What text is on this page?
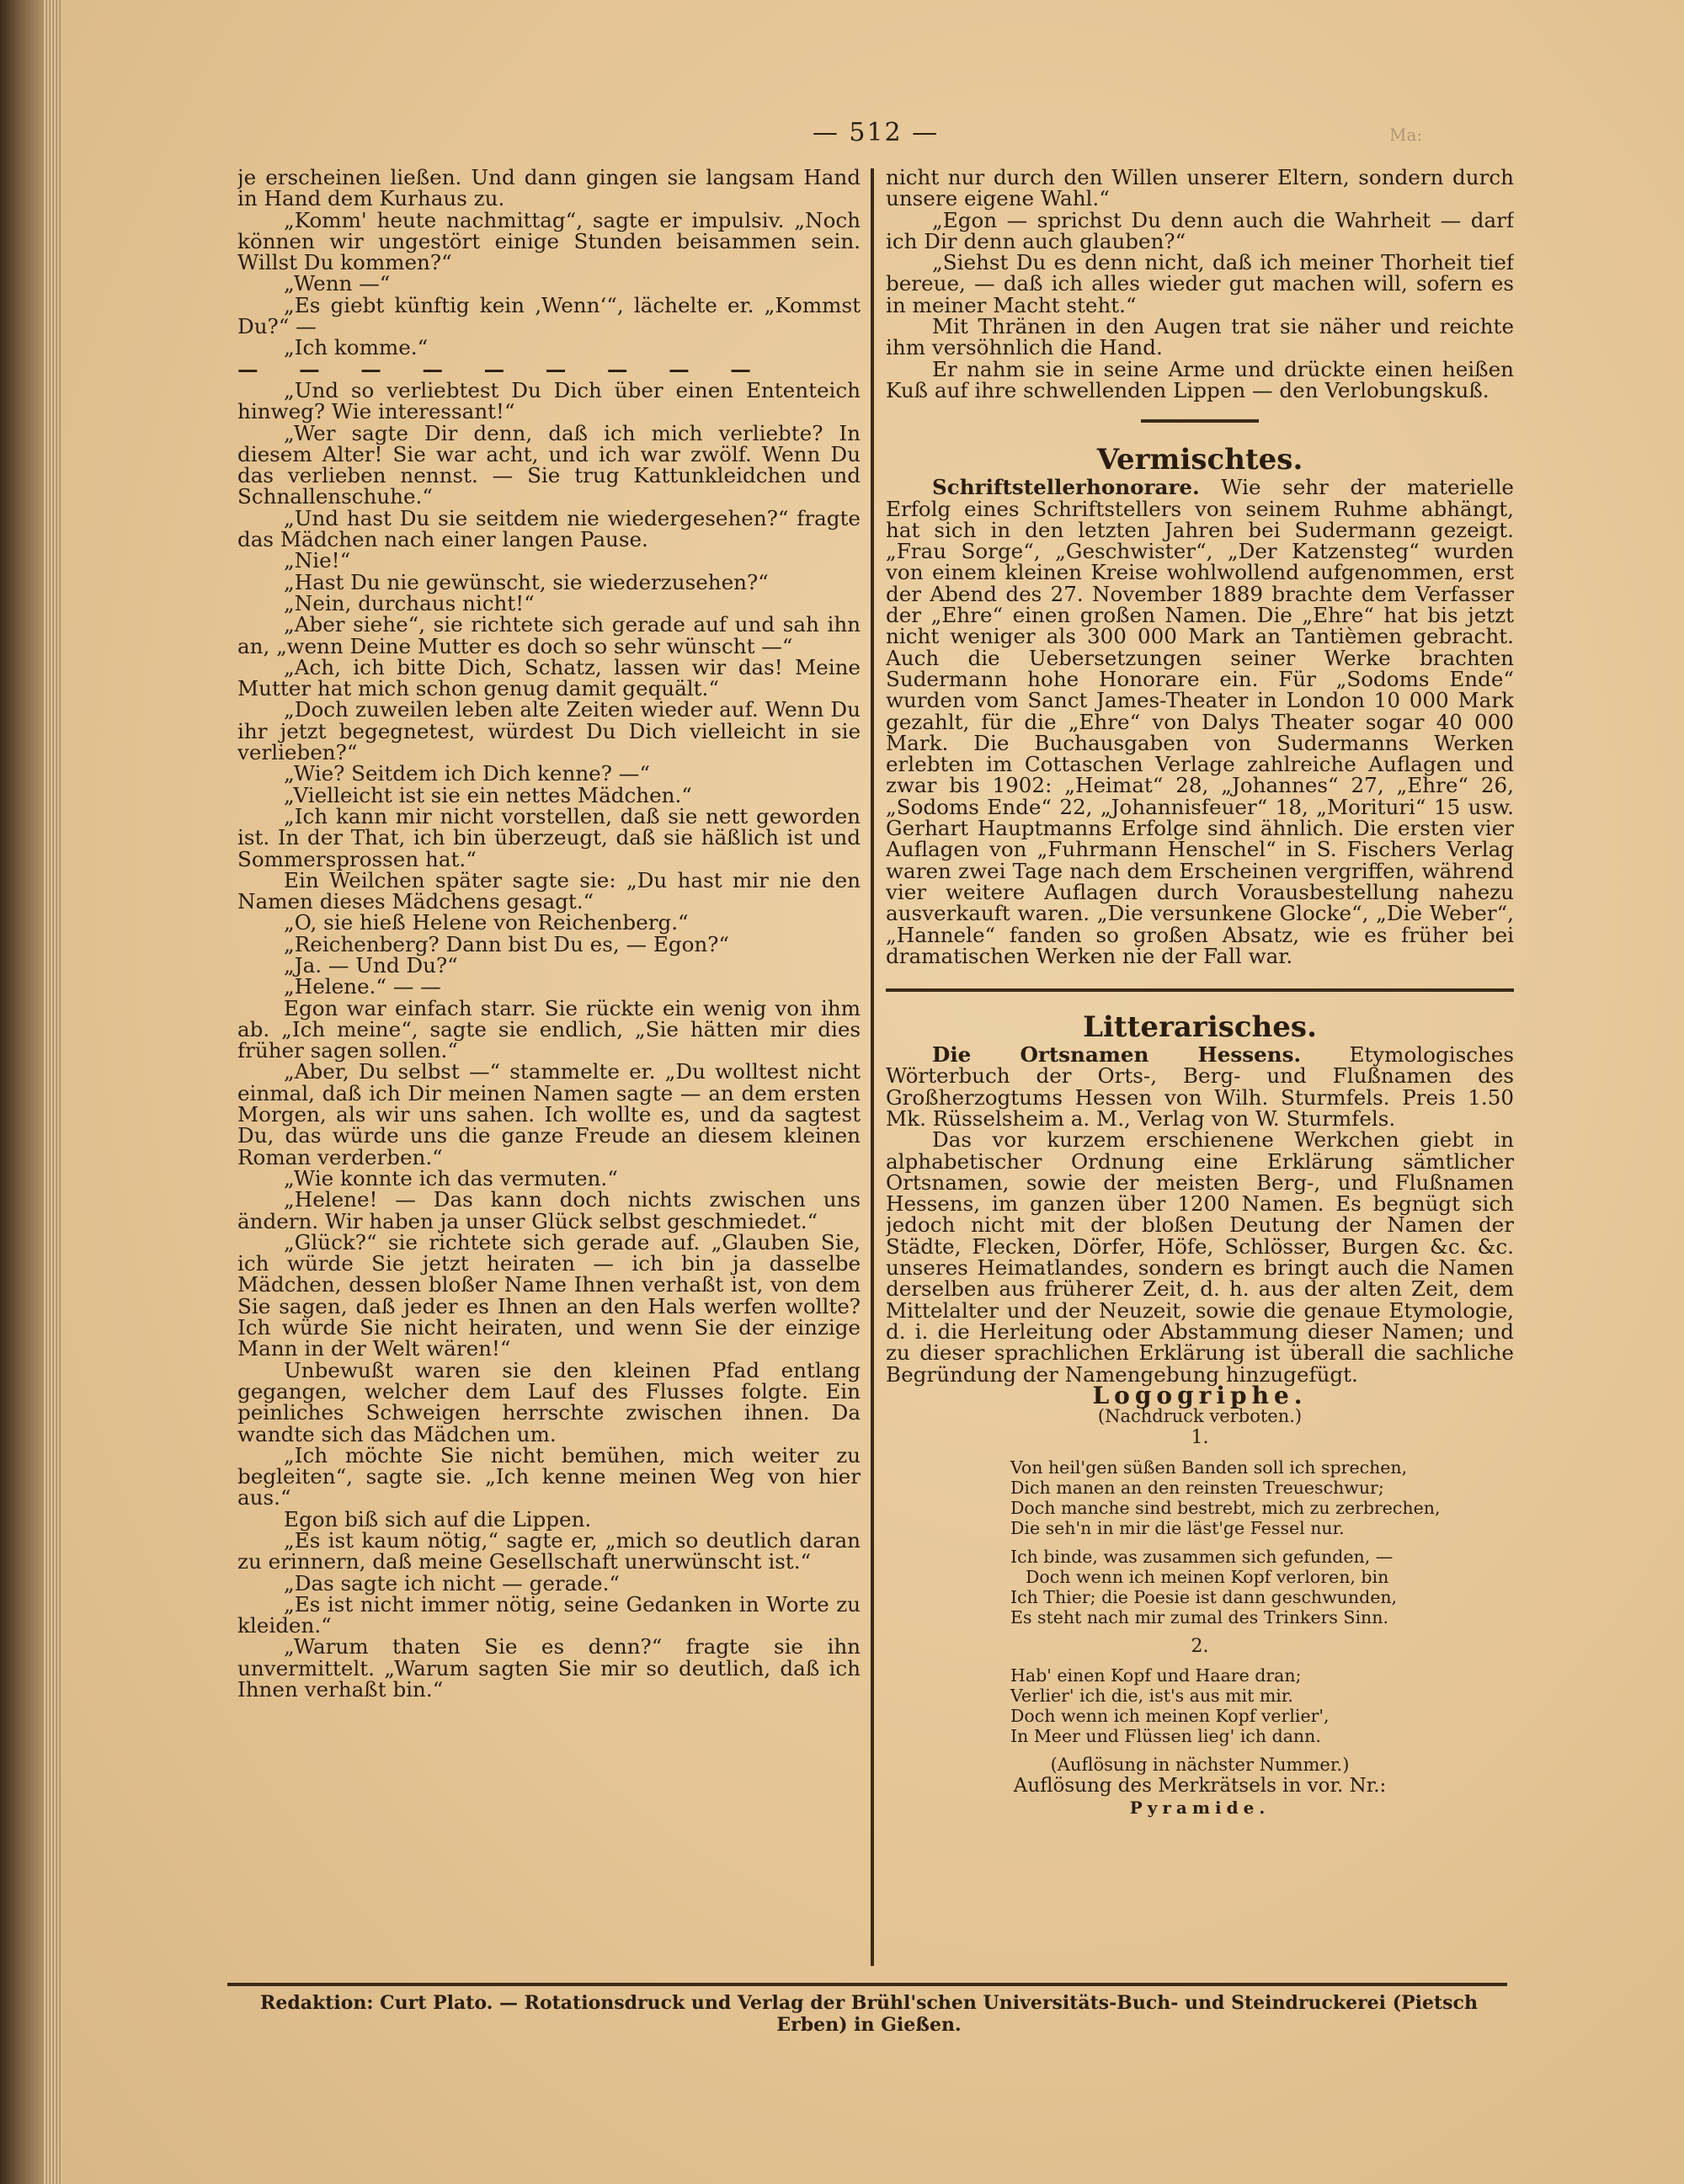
— 512 —	Ma:

je erscheinen ließen. Und dann gingen sie langsam Hand in Hand dem Kurhaus zu.

„Komm' heute nachmittag“, sagte er impulsiv. „Noch können wir ungestört einige Stunden beisammen sein. Willst Du kommen?“

„Wenn —“

„Es giebt künftig kein ‚Wenn‘“, lächelte er. „Kommst Du?“ —

„Ich komme.“

— — — — — — — — —

„Und so verliebtest Du Dich über einen Ententeich hinweg? Wie interessant!“

„Wer sagte Dir denn, daß ich mich verliebte? In diesem Alter! Sie war acht, und ich war zwölf. Wenn Du das verlieben nennst. — Sie trug Kattunkleidchen und Schnallenschuhe.“

„Und hast Du sie seitdem nie wiedergesehen?“ fragte das Mädchen nach einer langen Pause.

„Nie!“

„Hast Du nie gewünscht, sie wiederzusehen?“

„Nein, durchaus nicht!“

„Aber siehe“, sie richtete sich gerade auf und sah ihn an, „wenn Deine Mutter es doch so sehr wünscht —“

„Ach, ich bitte Dich, Schatz, lassen wir das! Meine Mutter hat mich schon genug damit gequält.“

„Doch zuweilen leben alte Zeiten wieder auf. Wenn Du ihr jetzt begegnetest, würdest Du Dich vielleicht in sie verlieben?“

„Wie? Seitdem ich Dich kenne? —“

„Vielleicht ist sie ein nettes Mädchen.“

„Ich kann mir nicht vorstellen, daß sie nett geworden ist. In der That, ich bin überzeugt, daß sie häßlich ist und Sommersprossen hat.“

Ein Weilchen später sagte sie: „Du hast mir nie den Namen dieses Mädchens gesagt.“

„O, sie hieß Helene von Reichenberg.“

„Reichenberg? Dann bist Du es, — Egon?“

„Ja. — Und Du?“

„Helene.“ — —

Egon war einfach starr. Sie rückte ein wenig von ihm ab. „Ich meine“, sagte sie endlich, „Sie hätten mir dies früher sagen sollen.“

„Aber, Du selbst —“ stammelte er. „Du wolltest nicht einmal, daß ich Dir meinen Namen sagte — an dem ersten Morgen, als wir uns sahen. Ich wollte es, und da sagtest Du, das würde uns die ganze Freude an diesem kleinen Roman verderben.“

„Wie konnte ich das vermuten.“

„Helene! — Das kann doch nichts zwischen uns ändern. Wir haben ja unser Glück selbst geschmiedet.“

„Glück?“ sie richtete sich gerade auf. „Glauben Sie, ich würde Sie jetzt heiraten — ich bin ja dasselbe Mädchen, dessen bloßer Name Ihnen verhaßt ist, von dem Sie sagen, daß jeder es Ihnen an den Hals werfen wollte? Ich würde Sie nicht heiraten, und wenn Sie der einzige Mann in der Welt wären!“

Unbewußt waren sie den kleinen Pfad entlang gegangen, welcher dem Lauf des Flusses folgte. Ein peinliches Schweigen herrschte zwischen ihnen. Da wandte sich das Mädchen um.

„Ich möchte Sie nicht bemühen, mich weiter zu begleiten“, sagte sie. „Ich kenne meinen Weg von hier aus.“

Egon biß sich auf die Lippen.

„Es ist kaum nötig,“ sagte er, „mich so deutlich daran zu erinnern, daß meine Gesellschaft unerwünscht ist.“

„Das sagte ich nicht — gerade.“

„Es ist nicht immer nötig, seine Gedanken in Worte zu kleiden.“

„Warum thaten Sie es denn?“ fragte sie ihn unvermittelt. „Warum sagten Sie mir so deutlich, daß ich Ihnen verhaßt bin.“

nicht nur durch den Willen unserer Eltern, sondern durch unsere eigene Wahl.“

„Egon — sprichst Du denn auch die Wahrheit — darf ich Dir denn auch glauben?“

„Siehst Du es denn nicht, daß ich meiner Thorheit tief bereue, — daß ich alles wieder gut machen will, sofern es in meiner Macht steht.“

Mit Thränen in den Augen trat sie näher und reichte ihm versöhnlich die Hand.

Er nahm sie in seine Arme und drückte einen heißen Kuß auf ihre schwellenden Lippen — den Verlobungskuß.

Vermischtes.

Schriftstellerhonorare. Wie sehr der materielle Erfolg eines Schriftstellers von seinem Ruhme abhängt, hat sich in den letzten Jahren bei Sudermann gezeigt. „Frau Sorge“, „Geschwister“, „Der Katzensteg“ wurden von einem kleinen Kreise wohlwollend aufgenommen, erst der Abend des 27. November 1889 brachte dem Verfasser der „Ehre“ einen großen Namen. Die „Ehre“ hat bis jetzt nicht weniger als 300 000 Mark an Tantièmen gebracht. Auch die Uebersetzungen seiner Werke brachten Sudermann hohe Honorare ein. Für „Sodoms Ende“ wurden vom Sanct James-Theater in London 10 000 Mark gezahlt, für die „Ehre“ von Dalys Theater sogar 40 000 Mark. Die Buchausgaben von Sudermanns Werken erlebten im Cottaschen Verlage zahlreiche Auflagen und zwar bis 1902: „Heimat“ 28, „Johannes“ 27, „Ehre“ 26, „Sodoms Ende“ 22, „Johannisfeuer“ 18, „Morituri“ 15 usw. Gerhart Hauptmanns Erfolge sind ähnlich. Die ersten vier Auflagen von „Fuhrmann Henschel“ in S. Fischers Verlag waren zwei Tage nach dem Erscheinen vergriffen, während vier weitere Auflagen durch Vorausbestellung nahezu ausverkauft waren. „Die versunkene Glocke“, „Die Weber“, „Hannele“ fanden so großen Absatz, wie es früher bei dramatischen Werken nie der Fall war.

Litterarisches.

Die Ortsnamen Hessens. Etymologisches Wörterbuch der Orts-, Berg- und Flußnamen des Großherzogtums Hessen von Wilh. Sturmfels. Preis 1.50 Mk. Rüsselsheim a. M., Verlag von W. Sturmfels.

Das vor kurzem erschienene Werkchen giebt in alphabetischer Ordnung eine Erklärung sämtlicher Ortsnamen, sowie der meisten Berg-, und Flußnamen Hessens, im ganzen über 1200 Namen. Es begnügt sich jedoch nicht mit der bloßen Deutung der Namen der Städte, Flecken, Dörfer, Höfe, Schlösser, Burgen &c. &c. unseres Heimatlandes, sondern es bringt auch die Namen derselben aus früherer Zeit, d. h. aus der alten Zeit, dem Mittelalter und der Neuzeit, sowie die genaue Etymologie, d. i. die Herleitung oder Abstammung dieser Namen; und zu dieser sprachlichen Erklärung ist überall die sachliche Begründung der Namengebung hinzugefügt.

Logogriphe.

(Nachdruck verboten.)

1.

Von heil'gen süßen Banden soll ich sprechen,
Dich manen an den reinsten Treueschwur;
Doch manche sind bestrebt, mich zu zerbrechen,
Die seh'n in mir die läst'ge Fessel nur.
Ich binde, was zusammen sich gefunden, —
Doch wenn ich meinen Kopf verloren, bin
Ich Thier; die Poesie ist dann geschwunden,
Es steht nach mir zumal des Trinkers Sinn.

2.

Hab' einen Kopf und Haare dran;
Verlier' ich die, ist's aus mit mir.
Doch wenn ich meinen Kopf verlier',
In Meer und Flüssen lieg' ich dann.

(Auflösung in nächster Nummer.)

Auflösung des Merkrätsels in vor. Nr.:

Pyramide.

Redaktion: Curt Plato. — Rotationsdruck und Verlag der Brühl'schen Universitäts-Buch- und Steindruckerei (Pietsch Erben) in Gießen.
